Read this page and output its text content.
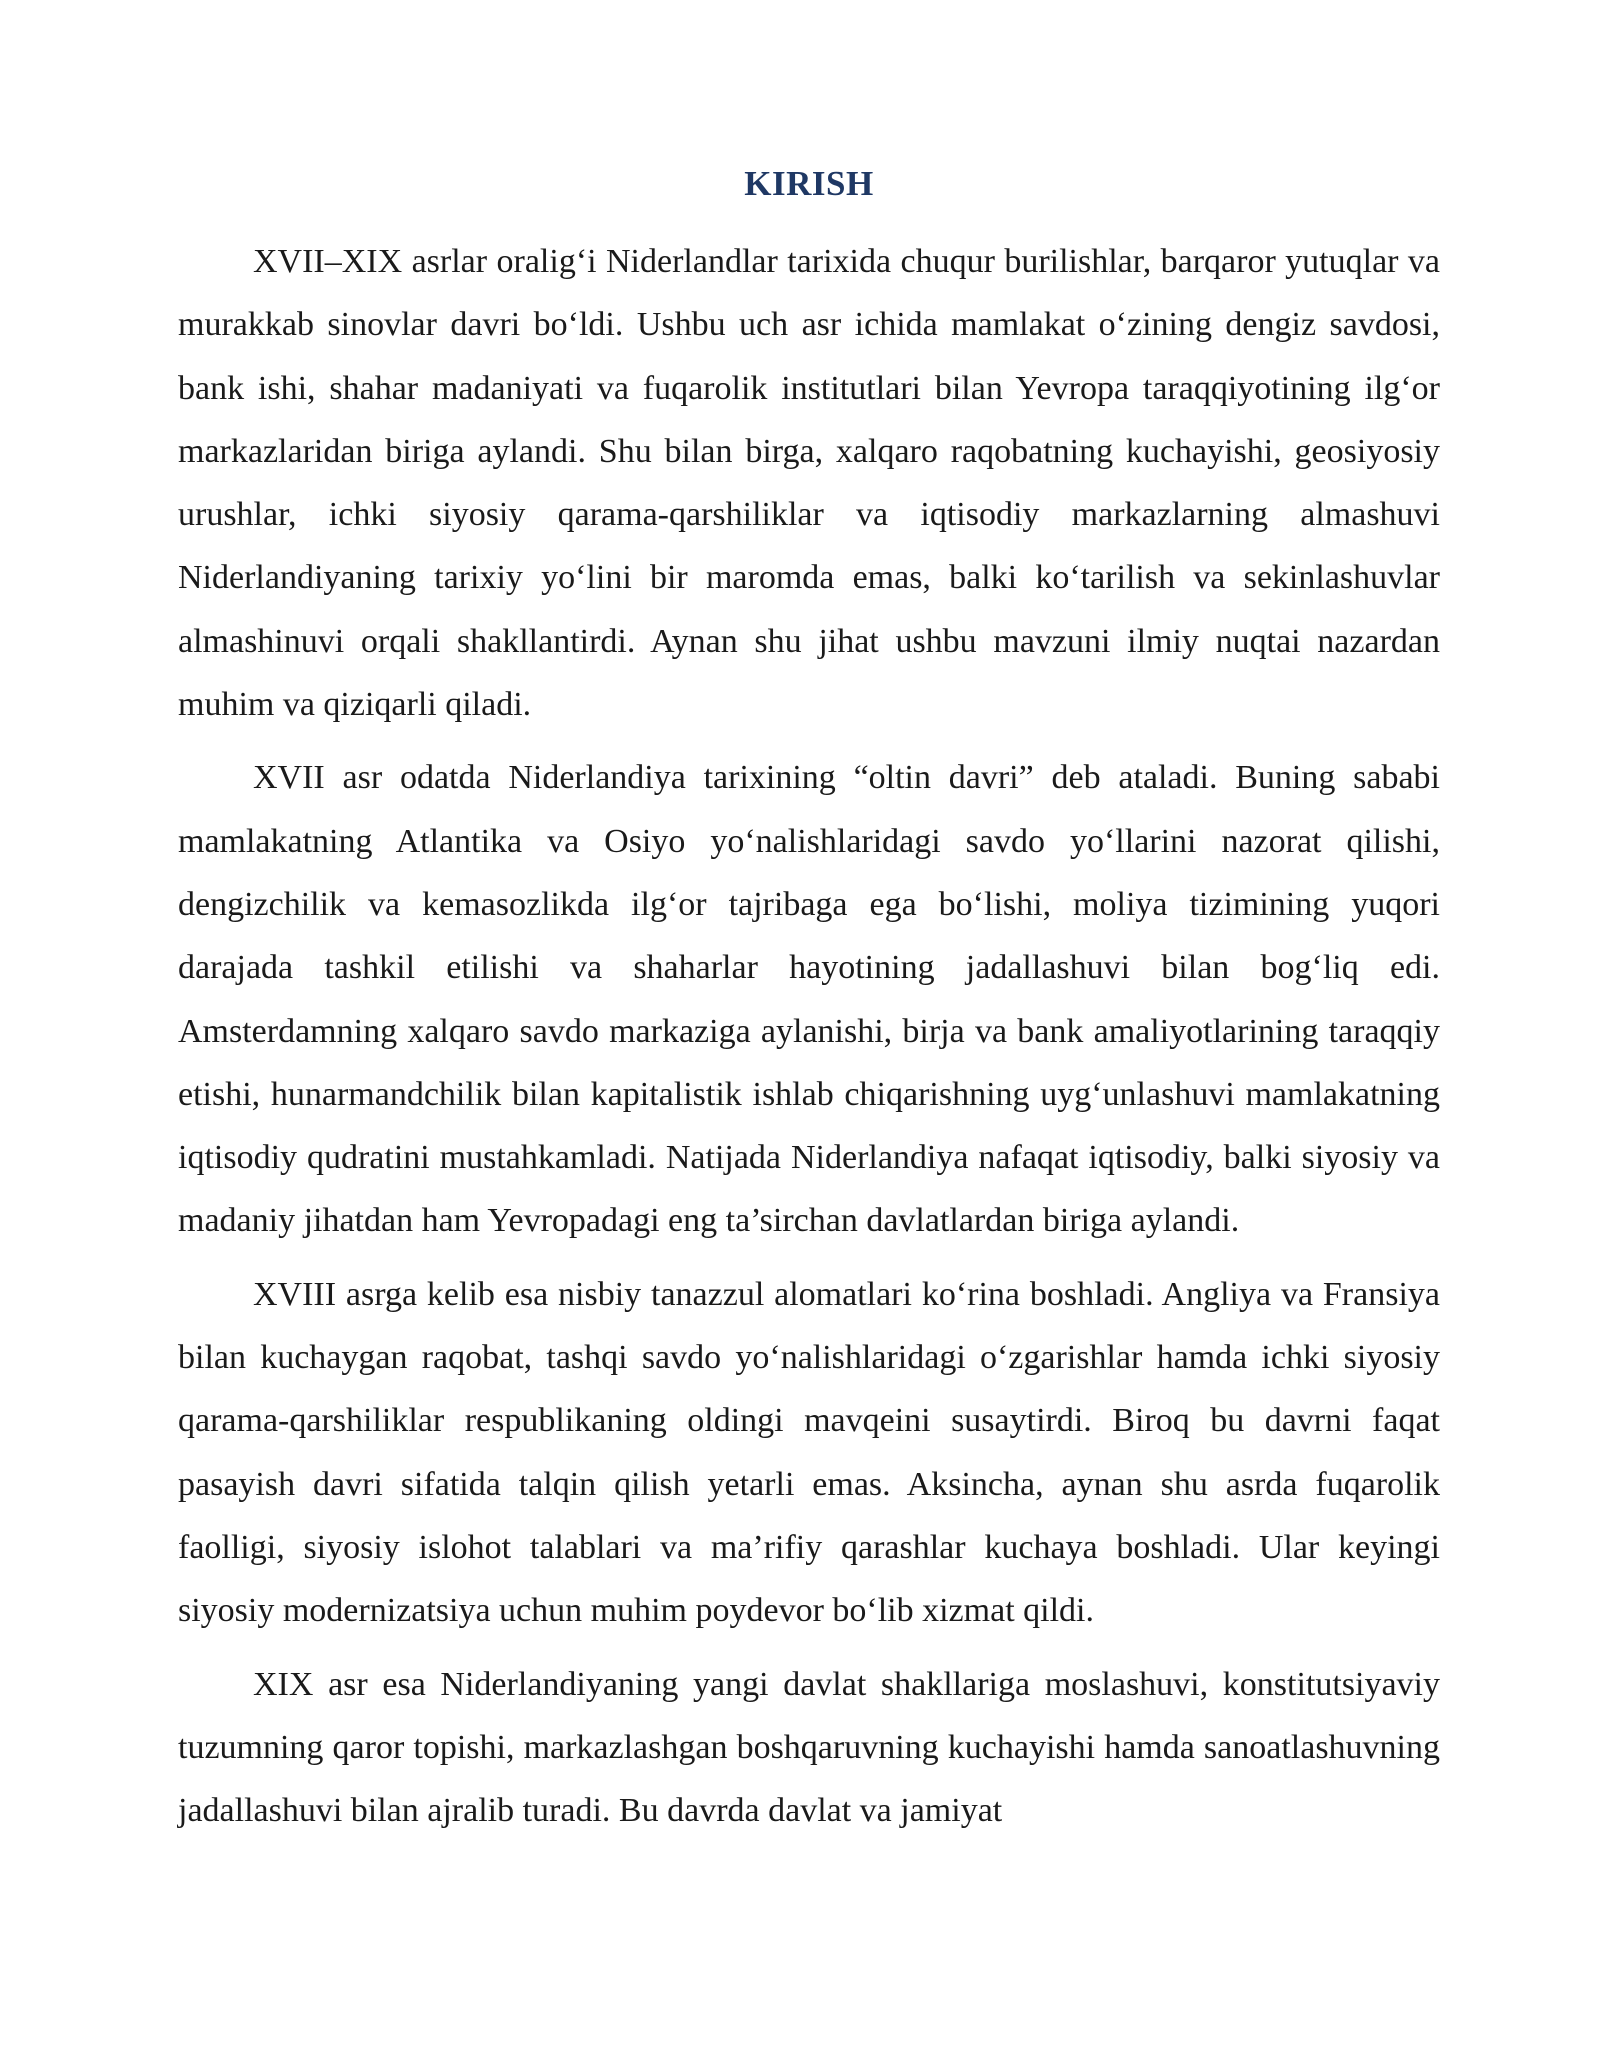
KIRISH

XVII–XIX asrlar oralig‘i Niderlandlar tarixida chuqur burilishlar, barqaror yutuqlar va murakkab sinovlar davri bo‘ldi. Ushbu uch asr ichida mamlakat o‘zining dengiz savdosi, bank ishi, shahar madaniyati va fuqarolik institutlari bilan Yevropa taraqqiyotining ilg‘or markazlaridan biriga aylandi. Shu bilan birga, xalqaro raqobatning kuchayishi, geosiyosiy urushlar, ichki siyosiy qarama-qarshiliklar va iqtisodiy markazlarning almashuvi Niderlandiyaning tarixiy yo‘lini bir maromda emas, balki ko‘tarilish va sekinlashuvlar almashinuvi orqali shakllantirdi. Aynan shu jihat ushbu mavzuni ilmiy nuqtai nazardan muhim va qiziqarli qiladi.

XVII asr odatda Niderlandiya tarixining “oltin davri” deb ataladi. Buning sababi mamlakatning Atlantika va Osiyo yo‘nalishlaridagi savdo yo‘llarini nazorat qilishi, dengizchilik va kemasozlikda ilg‘or tajribaga ega bo‘lishi, moliya tizimining yuqori darajada tashkil etilishi va shaharlar hayotining jadallashuvi bilan bog‘liq edi. Amsterdamning xalqaro savdo markaziga aylanishi, birja va bank amaliyotlarining taraqqiy etishi, hunarmandchilik bilan kapitalistik ishlab chiqarishning uyg‘unlashuvi mamlakatning iqtisodiy qudratini mustahkamladi. Natijada Niderlandiya nafaqat iqtisodiy, balki siyosiy va madaniy jihatdan ham Yevropadagi eng ta’sirchan davlatlardan biriga aylandi.

XVIII asrga kelib esa nisbiy tanazzul alomatlari ko‘rina boshladi. Angliya va Fransiya bilan kuchaygan raqobat, tashqi savdo yo‘nalishlaridagi o‘zgarishlar hamda ichki siyosiy qarama-qarshiliklar respublikaning oldingi mavqeini susaytirdi. Biroq bu davrni faqat pasayish davri sifatida talqin qilish yetarli emas. Aksincha, aynan shu asrda fuqarolik faolligi, siyosiy islohot talablari va ma’rifiy qarashlar kuchaya boshladi. Ular keyingi siyosiy modernizatsiya uchun muhim poydevor bo‘lib xizmat qildi.

XIX asr esa Niderlandiyaning yangi davlat shakllariga moslashuvi, konstitutsiyaviy tuzumning qaror topishi, markazlashgan boshqaruvning kuchayishi hamda sanoatlashuvning jadallashuvi bilan ajralib turadi. Bu davrda davlat va jamiyat
